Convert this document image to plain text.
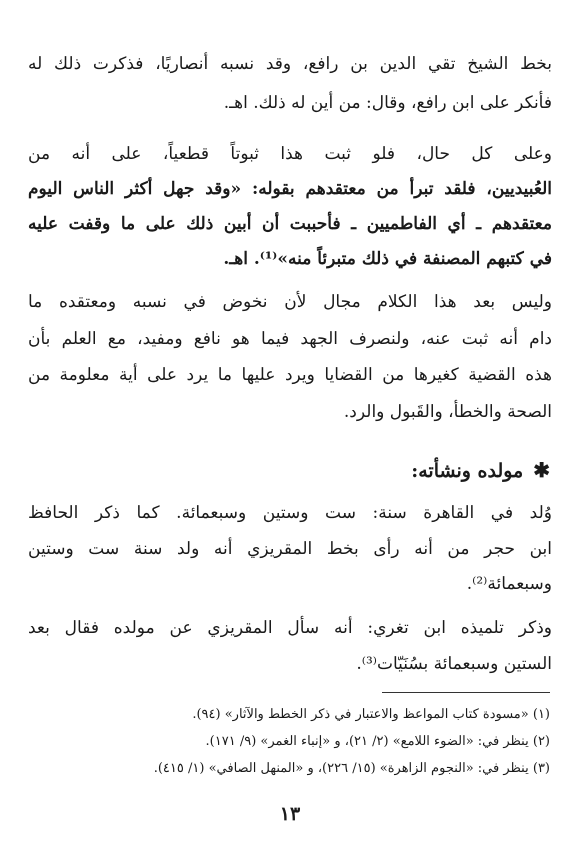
بخط الشيخ تقي الدين بن رافع، وقد نسبه أنصاريًا، فذكرت ذلك له
فأنكر على ابن رافع، وقال: من أين له ذلك. اهـ.
وعلى كل حال، فلو ثبت هذا ثبوتاً قطعياً، على أنه من
العُبيديين، فلقد تبرأ من معتقدهم بقوله: «وقد جهل أكثر الناس اليوم
معتقدهم ـ أي الفاطميين ـ فأحببت أن أبين ذلك على ما وقفت عليه
في كتبهم المصنفة في ذلك متبرئاً منه»⁽¹⁾. اهـ.
وليس بعد هذا الكلام مجال لأن نخوض في نسبه ومعتقده ما
دام أنه ثبت عنه، ولنصرف الجهد فيما هو نافع ومفيد، مع العلم بأن
هذه القضية كغيرها من القضايا ويرد عليها ما يرد على أية معلومة من
الصحة والخطأ، والقَبول والرد.
✱مولده ونشأته:
وُلد في القاهرة سنة: ست وستين وسبعمائة. كما ذكر الحافظ
ابن حجر من أنه رأى بخط المقريزي أنه ولد سنة ست وستين
وسبعمائة⁽²⁾.
وذكر تلميذه ابن تغري: أنه سأل المقريزي عن مولده فقال بعد
الستين وسبعمائة بسُنَيّات⁽³⁾.
(١) «مسودة كتاب المواعظ والاعتبار في ذكر الخطط والآثار» (٩٤).
(٢) ينظر في: «الضوء اللامع» (٢/ ٢١)، و «إنباء الغمر» (٩/ ١٧١).
(٣) ينظر في: «النجوم الزاهرة» (١٥/ ٢٢٦)، و «المنهل الصافي» (١/ ٤١٥).
١٣
